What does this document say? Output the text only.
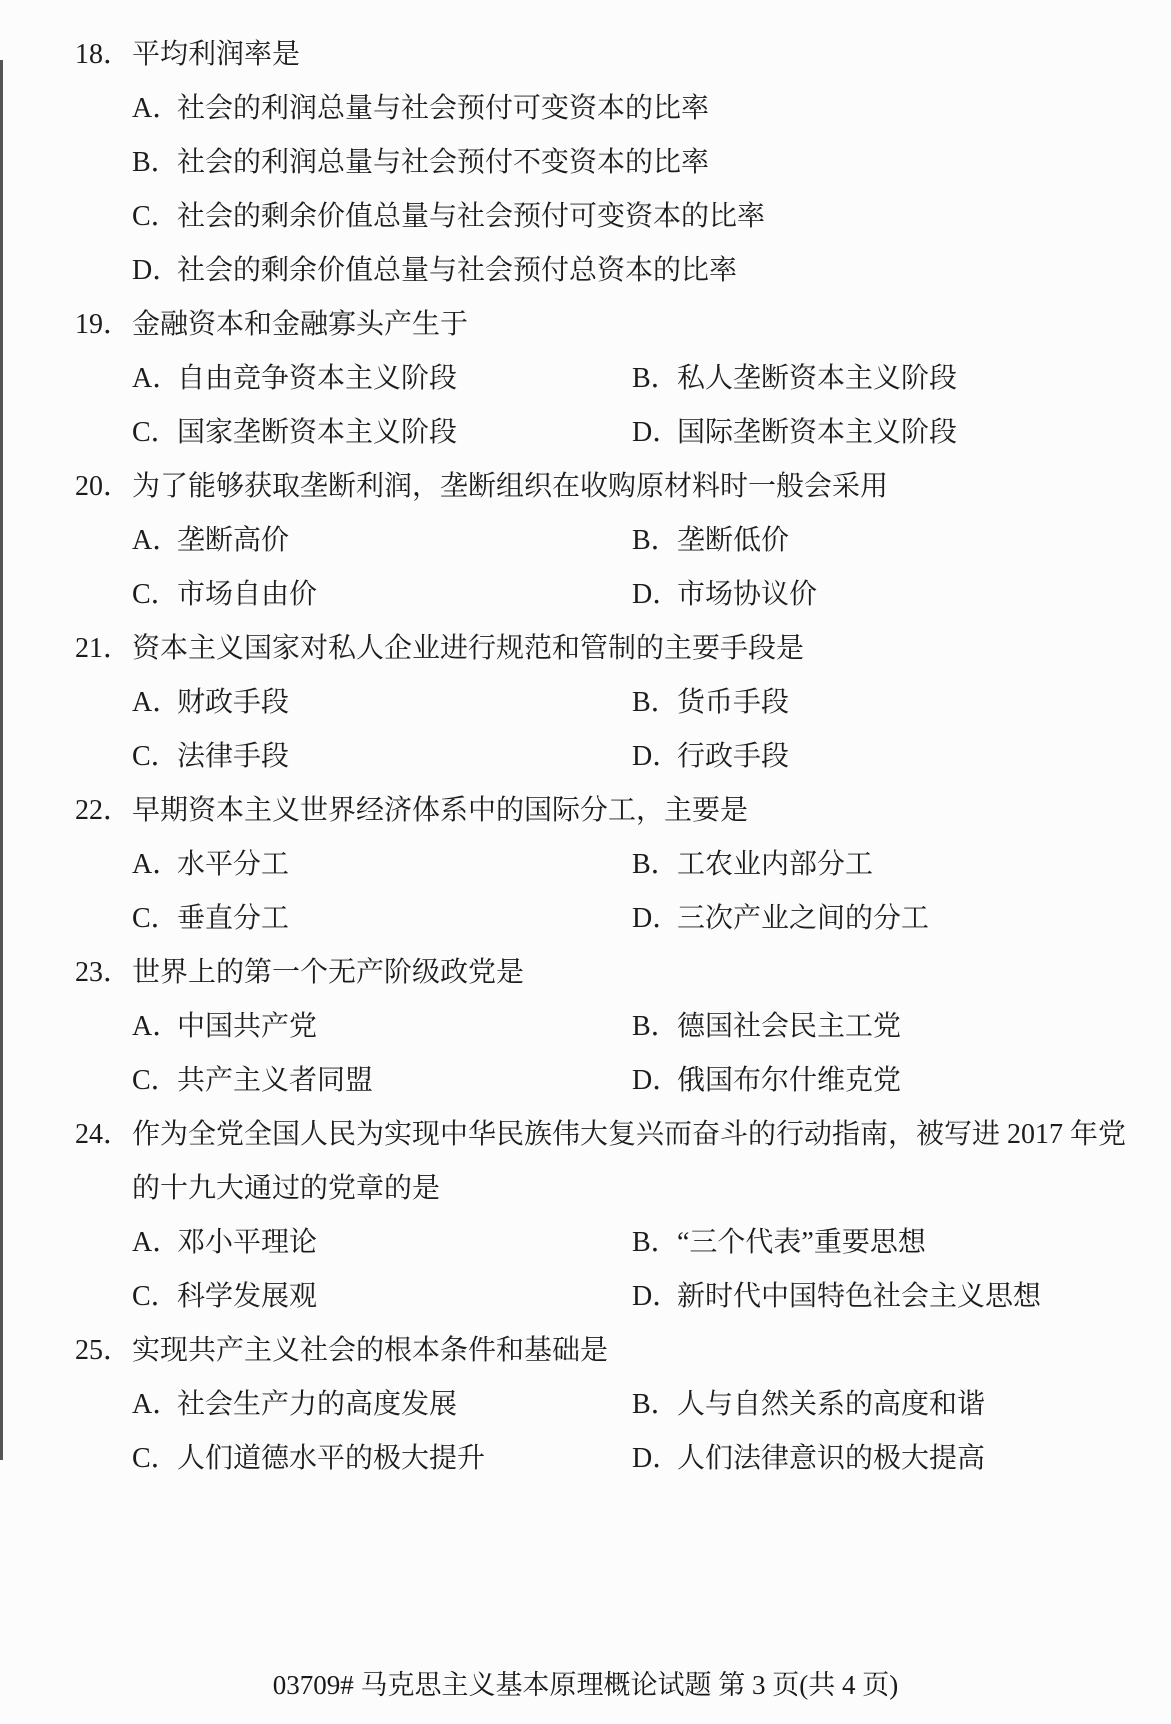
18． 平均利润率是
A．社会的利润总量与社会预付可变资本的比率
B．社会的利润总量与社会预付不变资本的比率
C．社会的剩余价值总量与社会预付可变资本的比率
D．社会的剩余价值总量与社会预付总资本的比率
19． 金融资本和金融寡头产生于
A．自由竞争资本主义阶段	B．私人垄断资本主义阶段
C．国家垄断资本主义阶段	D．国际垄断资本主义阶段
20． 为了能够获取垄断利润，垄断组织在收购原材料时一般会采用
A．垄断高价	B．垄断低价
C．市场自由价	D．市场协议价
21． 资本主义国家对私人企业进行规范和管制的主要手段是
A．财政手段	B．货币手段
C．法律手段	D．行政手段
22． 早期资本主义世界经济体系中的国际分工，主要是
A．水平分工	B．工农业内部分工
C．垂直分工	D．三次产业之间的分工
23． 世界上的第一个无产阶级政党是
A．中国共产党	B．德国社会民主工党
C．共产主义者同盟	D．俄国布尔什维克党
24． 作为全党全国人民为实现中华民族伟大复兴而奋斗的行动指南，被写进 2017 年党
的十九大通过的党章的是
A．邓小平理论	B．“三个代表”重要思想
C．科学发展观	D．新时代中国特色社会主义思想
25． 实现共产主义社会的根本条件和基础是
A．社会生产力的高度发展	B．人与自然关系的高度和谐
C．人们道德水平的极大提升	D．人们法律意识的极大提高
03709# 马克思主义基本原理概论试题 第 3 页(共 4 页)
